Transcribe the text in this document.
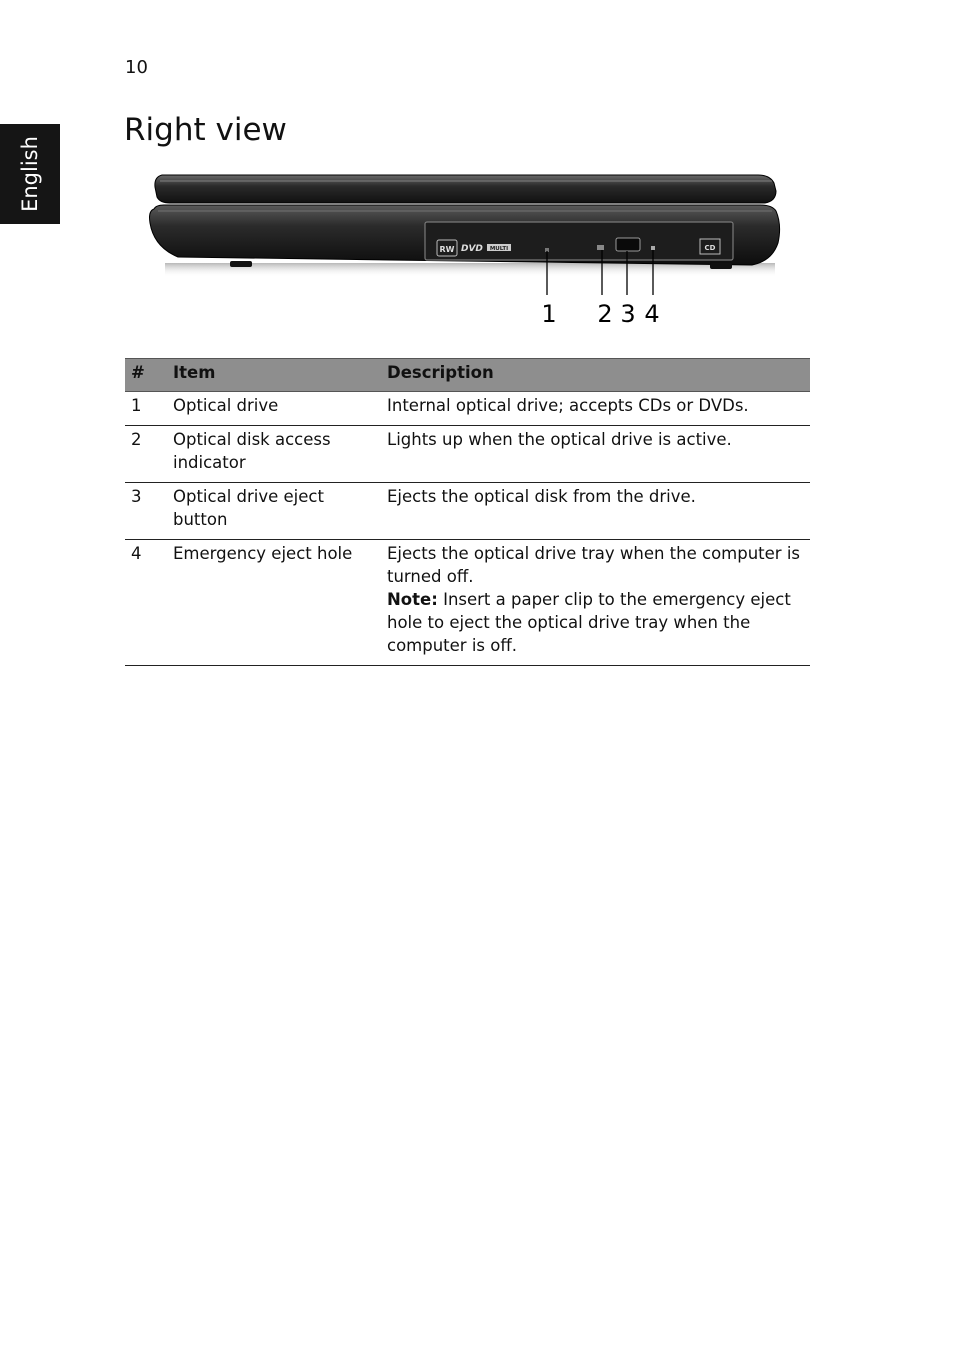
10
English
Right view
RW DVD MULTI	CD
1 2 3 4
#	Item	Description
1	Optical drive	Internal optical drive; accepts CDs or DVDs.
2	Optical disk access indicator	Lights up when the optical drive is active.
3	Optical drive eject button	Ejects the optical disk from the drive.
4	Emergency eject hole	Ejects the optical drive tray when the computer is turned off.
Note: Insert a paper clip to the emergency eject hole to eject the optical drive tray when the computer is off.
